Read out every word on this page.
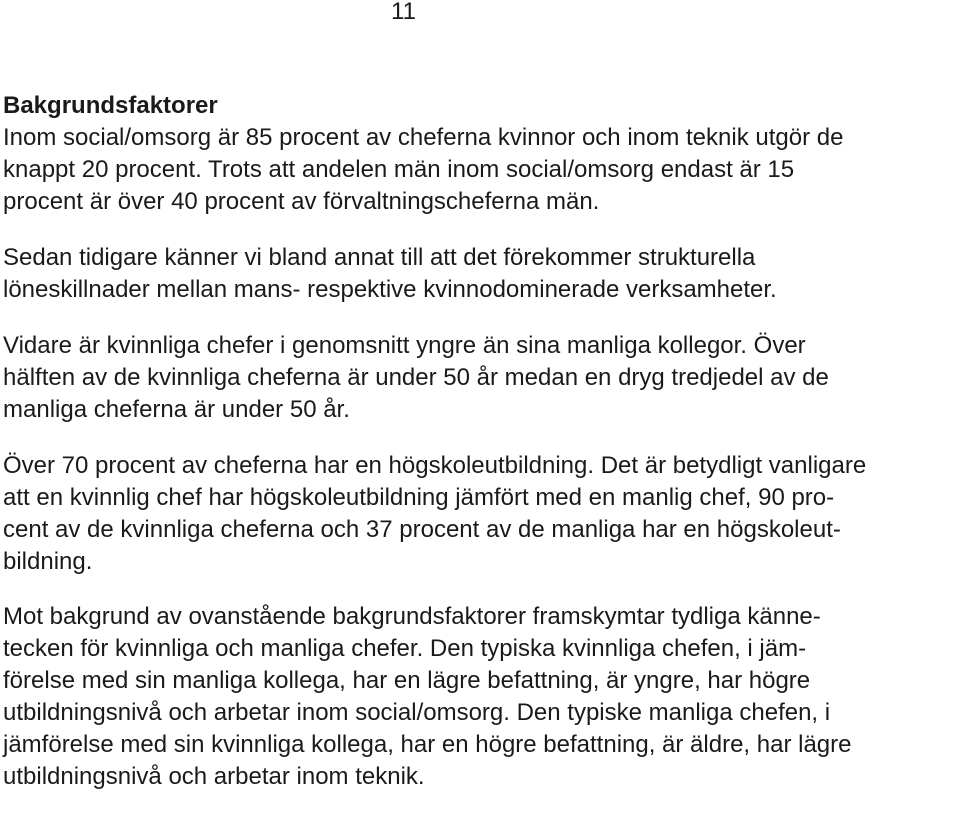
11
Bakgrundsfaktorer
Inom social/omsorg är 85 procent av cheferna kvinnor och inom teknik utgör de
knappt 20 procent. Trots att andelen män inom social/omsorg endast är 15
procent är över 40 procent av förvaltningscheferna män.
Sedan tidigare känner vi bland annat till att det förekommer strukturella
löneskillnader mellan mans- respektive kvinnodominerade verksamheter.
Vidare är kvinnliga chefer i genomsnitt yngre än sina manliga kollegor. Över
hälften av de kvinnliga cheferna är under 50 år medan en dryg tredjedel av de
manliga cheferna är under 50 år.
Över 70 procent av cheferna har en högskoleutbildning. Det är betydligt vanligare
att en kvinnlig chef har högskoleutbildning jämfört med en manlig chef, 90 pro-
cent av de kvinnliga cheferna och 37 procent av de manliga har en högskoleut-
bildning.
Mot bakgrund av ovanstående bakgrundsfaktorer framskymtar tydliga känne-
tecken för kvinnliga och manliga chefer. Den typiska kvinnliga chefen, i jäm-
förelse med sin manliga kollega, har en lägre befattning, är yngre, har högre
utbildningsnivå och arbetar inom social/omsorg. Den typiske manliga chefen, i
jämförelse med sin kvinnliga kollega, har en högre befattning, är äldre, har lägre
utbildningsnivå och arbetar inom teknik.
